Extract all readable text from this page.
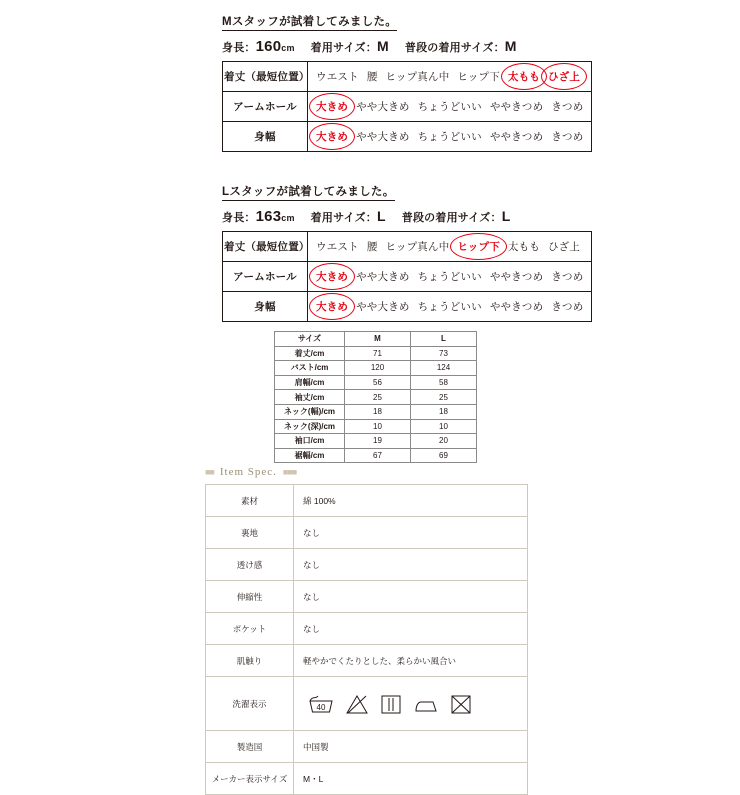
Mスタッフが試着してみました。
身長：160cm 着用サイズ：M 普段の着用サイズ：M
着丈（最短位置）	ウエスト 腰 ヒップ真ん中 ヒップ下 太もも ひざ上
アームホール	大きめ やや大きめ ちょうどいい ややきつめ きつめ
身幅	大きめ やや大きめ ちょうどいい ややきつめ きつめ
Lスタッフが試着してみました。
身長：163cm 着用サイズ：L 普段の着用サイズ：L
着丈（最短位置）	ウエスト 腰 ヒップ真ん中 ヒップ下 太もも ひざ上
アームホール	大きめ やや大きめ ちょうどいい ややきつめ きつめ
身幅	大きめ やや大きめ ちょうどいい ややきつめ きつめ
サイズ	M	L
着丈/cm	71	73
バスト/cm	120	124
肩幅/cm	56	58
袖丈/cm	25	25
ネック(幅)/cm	18	18
ネック(深)/cm	10	10
袖口/cm	19	20
裾幅/cm	67	69
■■ Item Spec. ■■■
素材	綿 100%
裏地	なし
透け感	なし
伸縮性	なし
ポケット	なし
肌触り	軽やかでくたりとした、柔らかい風合い
洗濯表示	40

製造国	中国製
メーカー表示サイズ	M・L
